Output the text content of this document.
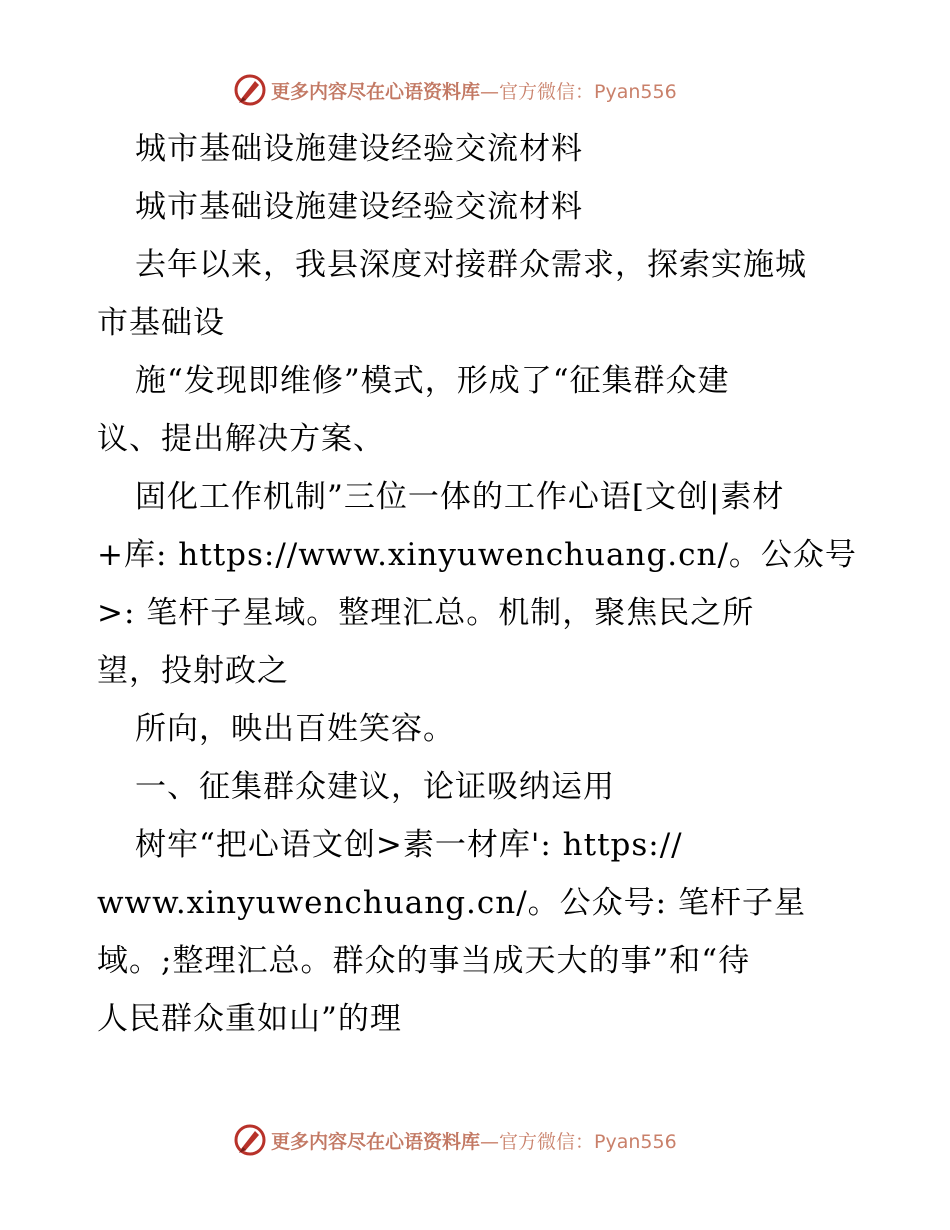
更多内容尽在心语资料库—官方微信：Pyan556
城市基础设施建设经验交流材料
城市基础设施建设经验交流材料
去年以来，我县深度对接群众需求，探索实施城
市基础设
施“发现即维修”模式，形成了“征集群众建
议、提出解决方案、
固化工作机制”三位一体的工作心语[文创|素材
+库: https://www.xinyuwenchuang.cn/。公众号
>: 笔杆子星域。整理汇总。机制，聚焦民之所
望，投射政之
所向，映出百姓笑容。
一、征集群众建议，论证吸纳运用
树牢“把心语文创>素一材库': https://
www.xinyuwenchuang.cn/。公众号: 笔杆子星
域。;整理汇总。群众的事当成天大的事”和“待
人民群众重如山”的理
更多内容尽在心语资料库—官方微信：Pyan556
